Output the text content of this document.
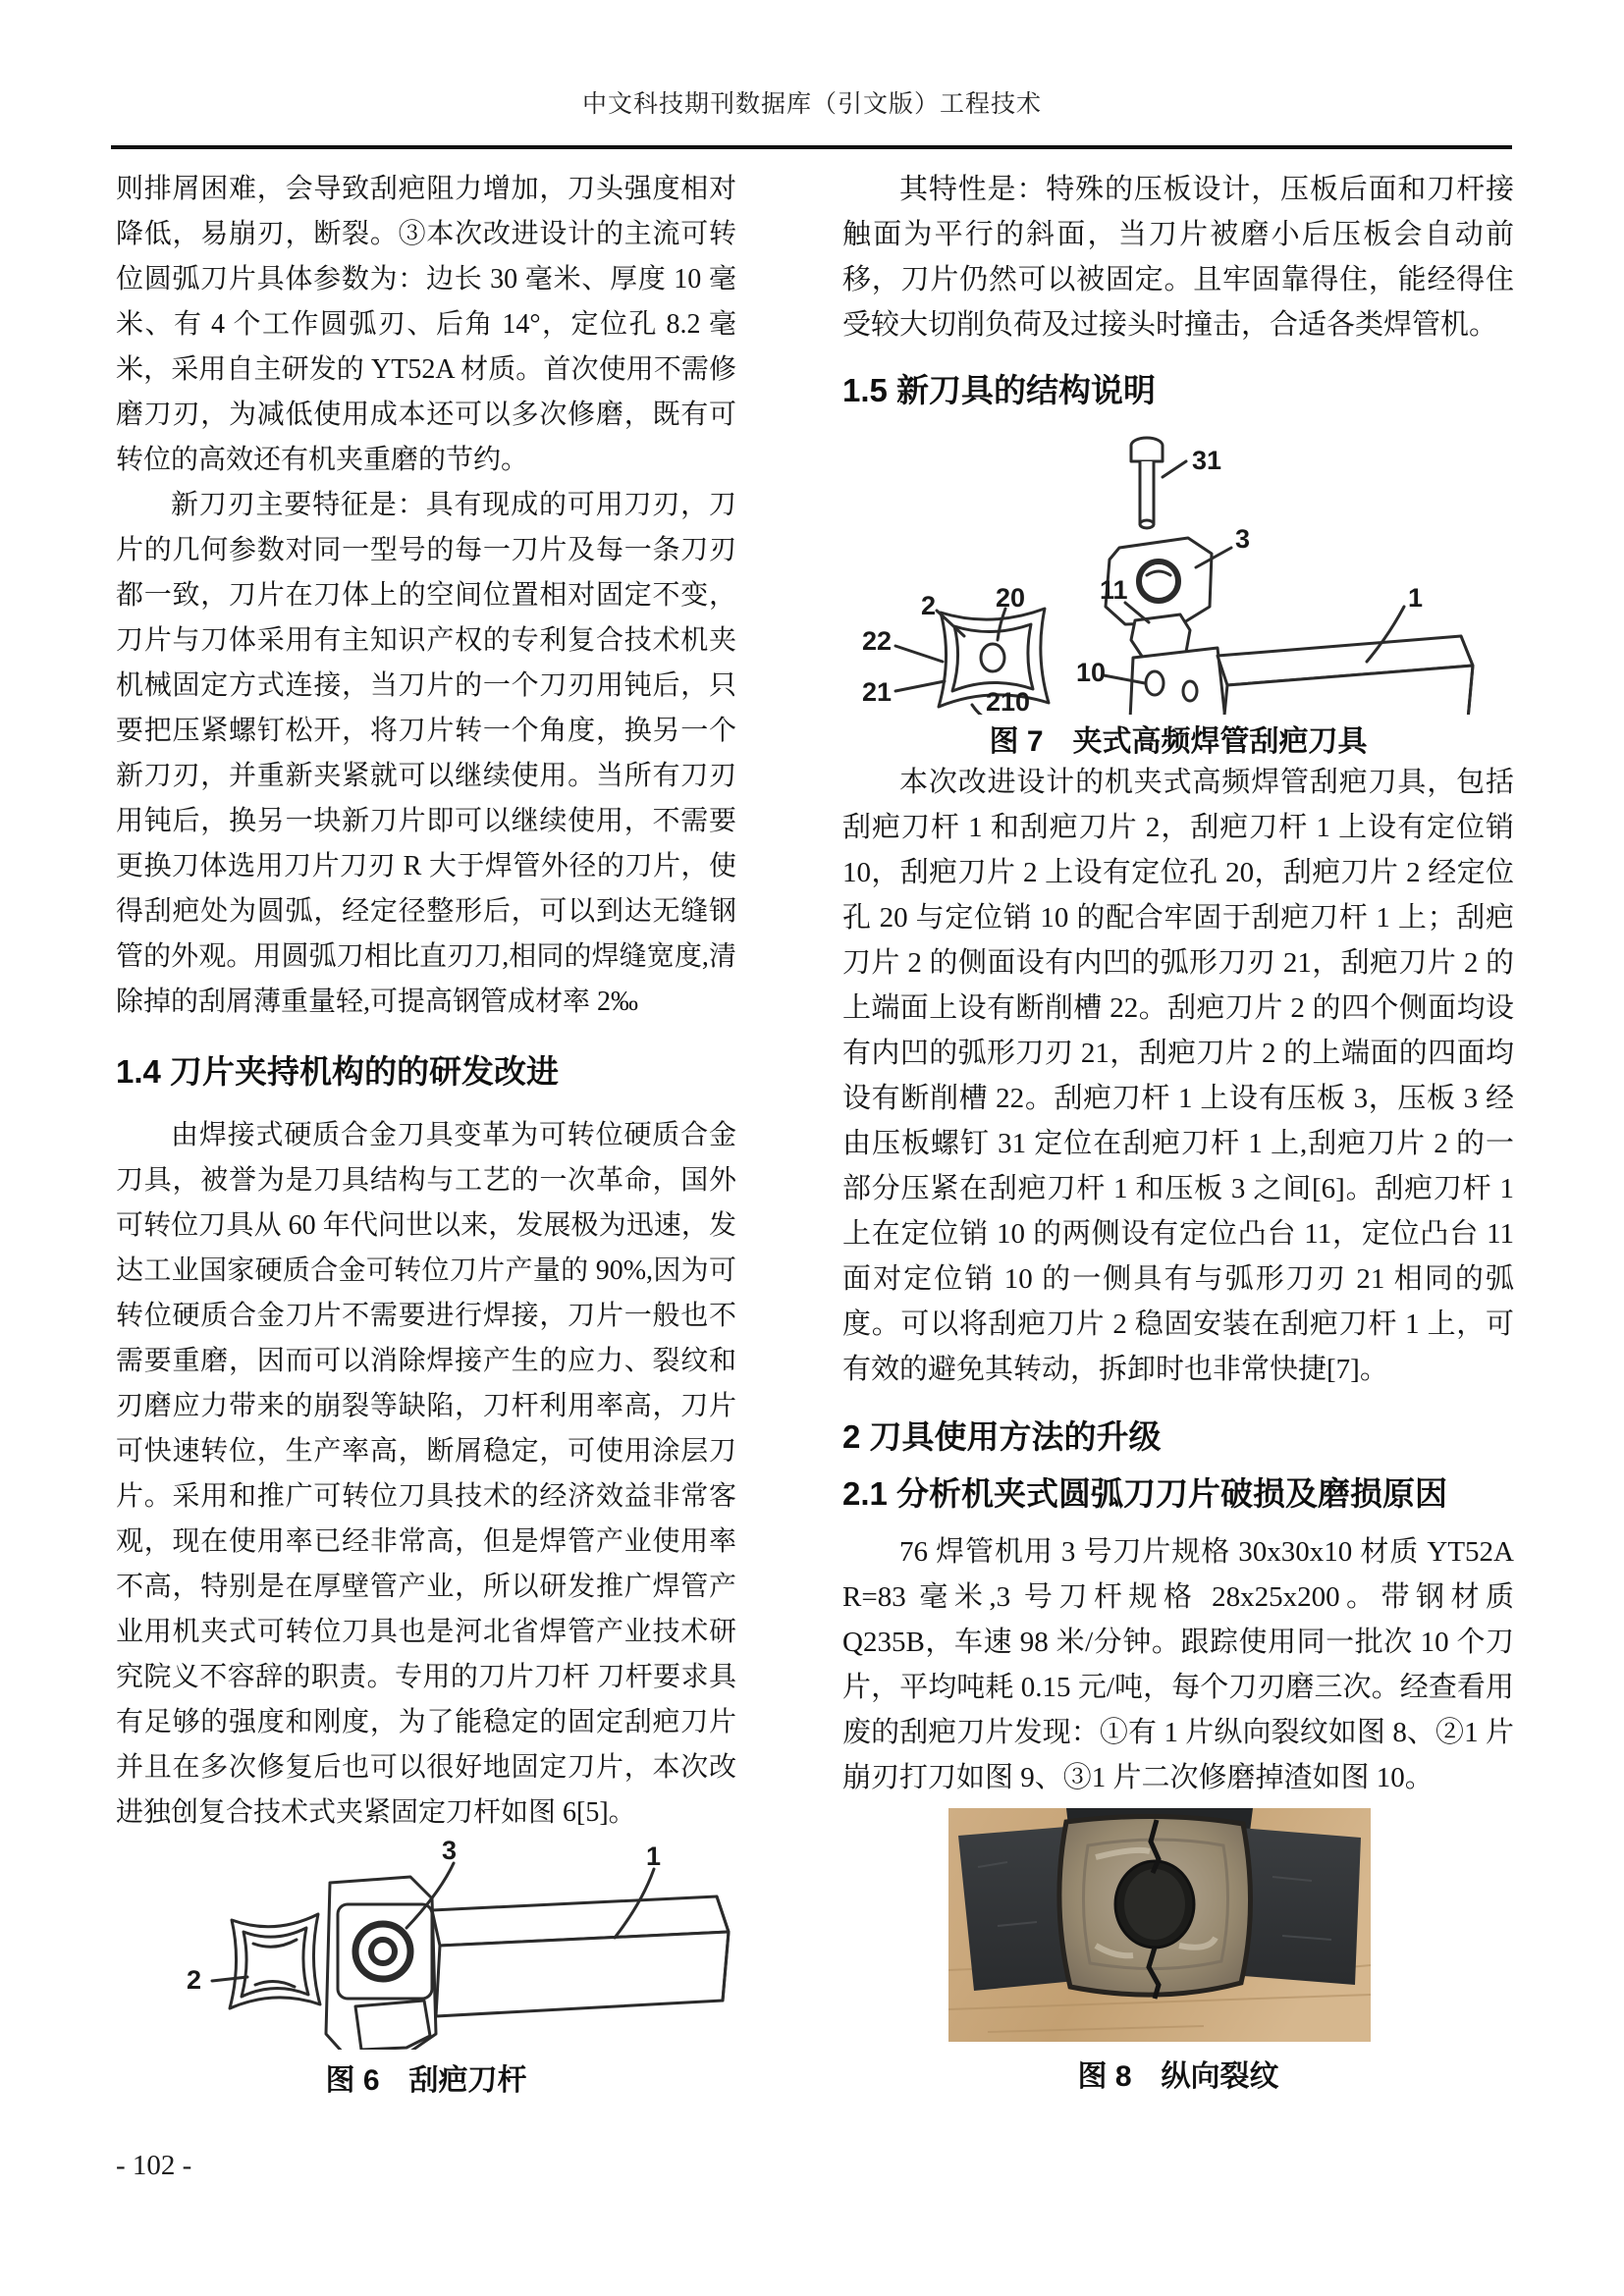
中文科技期刊数据库（引文版）工程技术

则排屑困难，会导致刮疤阻力增加，刀头强度相对降低，易崩刃，断裂。③本次改进设计的主流可转位圆弧刀片具体参数为：边长 30 毫米、厚度 10 毫米、有 4 个工作圆弧刃、后角 14°，定位孔 8.2 毫米，采用自主研发的 YT52A 材质。首次使用不需修磨刀刃，为减低使用成本还可以多次修磨，既有可转位的高效还有机夹重磨的节约。

新刀刃主要特征是：具有现成的可用刀刃，刀片的几何参数对同一型号的每一刀片及每一条刀刃都一致，刀片在刀体上的空间位置相对固定不变，刀片与刀体采用有主知识产权的专利复合技术机夹机械固定方式连接，当刀片的一个刀刃用钝后，只要把压紧螺钉松开，将刀片转一个角度，换另一个新刀刃，并重新夹紧就可以继续使用。当所有刀刃用钝后，换另一块新刀片即可以继续使用，不需要更换刀体选用刀片刀刃 R 大于焊管外径的刀片，使得刮疤处为圆弧，经定径整形后，可以到达无缝钢管的外观。用圆弧刀相比直刃刀,相同的焊缝宽度,清除掉的刮屑薄重量轻,可提高钢管成材率 2‰

1.4 刀片夹持机构的的研发改进

由焊接式硬质合金刀具变革为可转位硬质合金刀具，被誉为是刀具结构与工艺的一次革命，国外可转位刀具从 60 年代问世以来，发展极为迅速，发达工业国家硬质合金可转位刀片产量的 90%,因为可转位硬质合金刀片不需要进行焊接，刀片一般也不需要重磨，因而可以消除焊接产生的应力、裂纹和刃磨应力带来的崩裂等缺陷，刀杆利用率高，刀片可快速转位，生产率高，断屑稳定，可使用涂层刀片。采用和推广可转位刀具技术的经济效益非常客观，现在使用率已经非常高，但是焊管产业使用率不高，特别是在厚壁管产业，所以研发推广焊管产业用机夹式可转位刀具也是河北省焊管产业技术研究院义不容辞的职责。专用的刀片刀杆 刀杆要求具有足够的强度和刚度，为了能稳定的固定刮疤刀片并且在多次修复后也可以很好地固定刀片，本次改进独创复合技术式夹紧固定刀杆如图 6[5]。

3	1
2
图 6　刮疤刀杆

其特性是：特殊的压板设计，压板后面和刀杆接触面为平行的斜面，当刀片被磨小后压板会自动前移，刀片仍然可以被固定。且牢固靠得住，能经得住受较大切削负荷及过接头时撞击，合适各类焊管机。

1.5 新刀具的结构说明
31
3
11	1
10
2 20
22
21	210
图 7　夹式高频焊管刮疤刀具

本次改进设计的机夹式高频焊管刮疤刀具，包括刮疤刀杆 1 和刮疤刀片 2，刮疤刀杆 1 上设有定位销 10，刮疤刀片 2 上设有定位孔 20，刮疤刀片 2 经定位孔 20 与定位销 10 的配合牢固于刮疤刀杆 1 上；刮疤刀片 2 的侧面设有内凹的弧形刀刃 21，刮疤刀片 2 的上端面上设有断削槽 22。刮疤刀片 2 的四个侧面均设有内凹的弧形刀刃 21，刮疤刀片 2 的上端面的四面均设有断削槽 22。刮疤刀杆 1 上设有压板 3，压板 3 经由压板螺钉 31 定位在刮疤刀杆 1 上,刮疤刀片 2 的一部分压紧在刮疤刀杆 1 和压板 3 之间[6]。刮疤刀杆 1 上在定位销 10 的两侧设有定位凸台 11，定位凸台 11 面对定位销 10 的一侧具有与弧形刀刃 21 相同的弧度。可以将刮疤刀片 2 稳固安装在刮疤刀杆 1 上，可有效的避免其转动，拆卸时也非常快捷[7]。

2 刀具使用方法的升级
2.1 分析机夹式圆弧刀刀片破损及磨损原因

76 焊管机用 3 号刀片规格 30x30x10 材质 YT52A R=83 毫米,3 号刀杆规格 28x25x200。带钢材质 Q235B，车速 98 米/分钟。跟踪使用同一批次 10 个刀片，平均吨耗 0.15 元/吨，每个刀刃磨三次。经查看用废的刮疤刀片发现：①有 1 片纵向裂纹如图 8、②1 片崩刃打刀如图 9、③1 片二次修磨掉渣如图 10。

图 8　纵向裂纹
- 102 -
